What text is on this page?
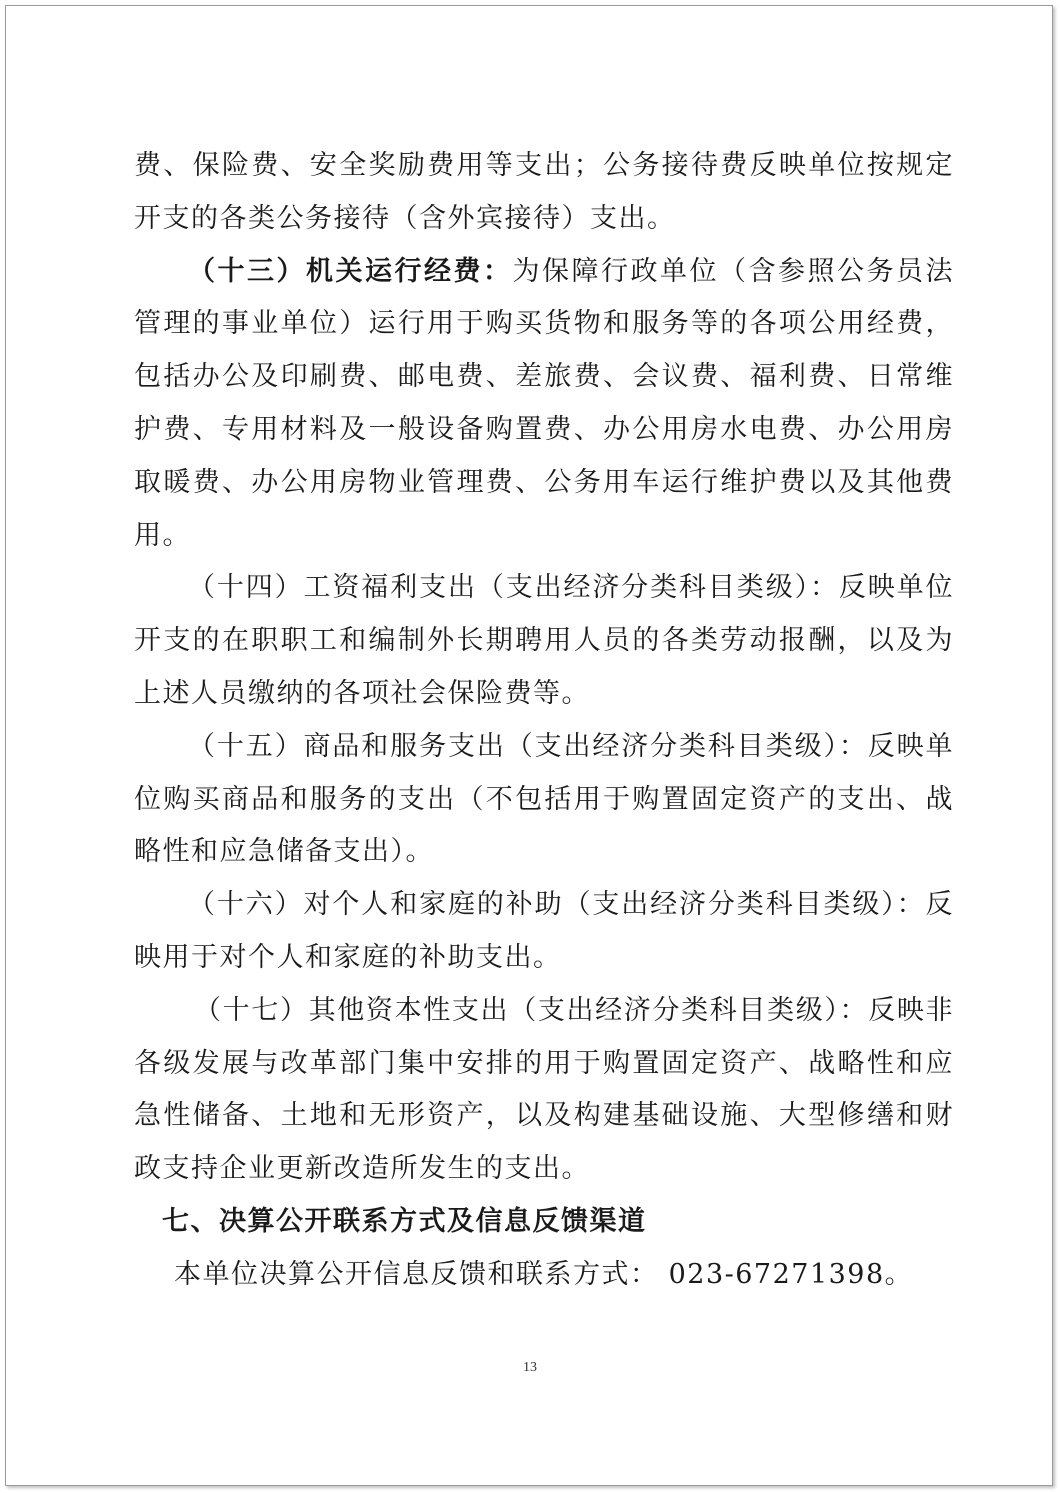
费、保险费、安全奖励费用等支出；公务接待费反映单位按规定开支的各类公务接待（含外宾接待）支出。

（十三）机关运行经费：为保障行政单位（含参照公务员法管理的事业单位）运行用于购买货物和服务等的各项公用经费，包括办公及印刷费、邮电费、差旅费、会议费、福利费、日常维护费、专用材料及一般设备购置费、办公用房水电费、办公用房取暖费、办公用房物业管理费、公务用车运行维护费以及其他费用。

（十四）工资福利支出（支出经济分类科目类级）：反映单位开支的在职职工和编制外长期聘用人员的各类劳动报酬，以及为上述人员缴纳的各项社会保险费等。

（十五）商品和服务支出（支出经济分类科目类级）：反映单位购买商品和服务的支出（不包括用于购置固定资产的支出、战略性和应急储备支出）。

（十六）对个人和家庭的补助（支出经济分类科目类级）：反映用于对个人和家庭的补助支出。

（十七）其他资本性支出（支出经济分类科目类级）：反映非各级发展与改革部门集中安排的用于购置固定资产、战略性和应急性储备、土地和无形资产，以及构建基础设施、大型修缮和财政支持企业更新改造所发生的支出。

七、决算公开联系方式及信息反馈渠道

本单位决算公开信息反馈和联系方式： 023-67271398。

13
